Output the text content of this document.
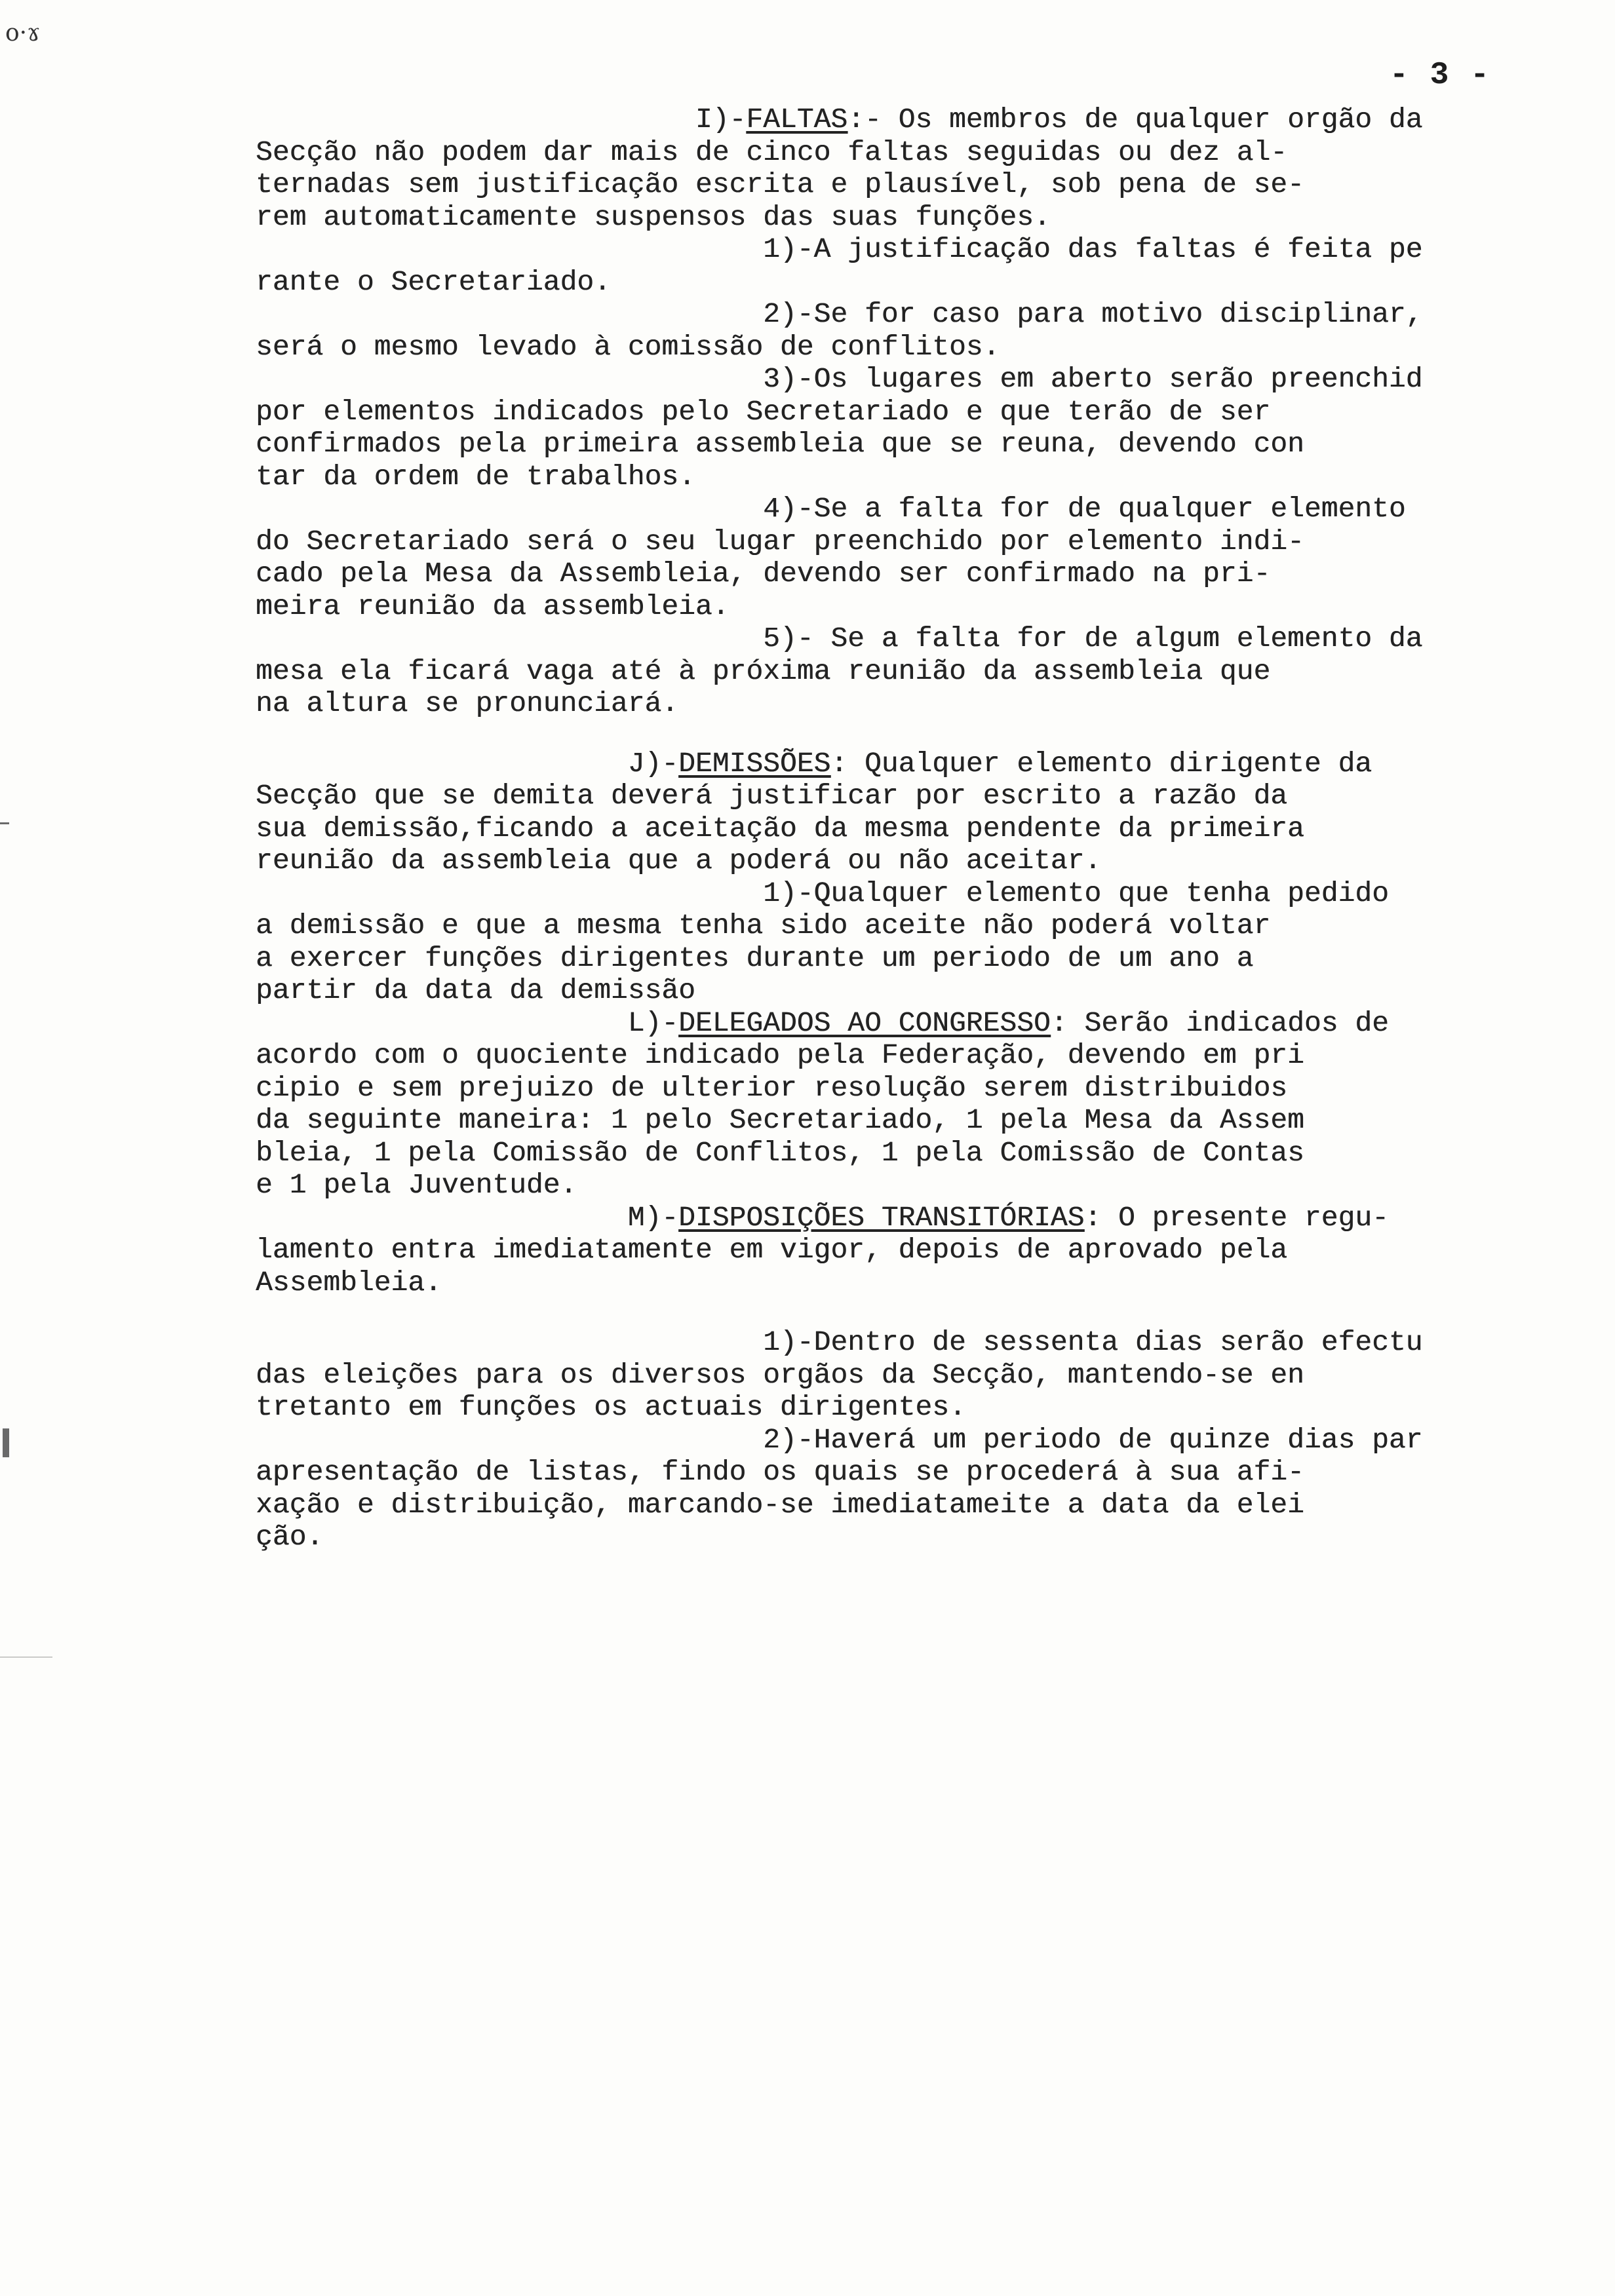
o·ɤ
- 3 -
I)-FALTAS:- Os membros de qualquer orgão da
Secção não podem dar mais de cinco faltas seguidas ou dez al-
ternadas sem justificação escrita e plausível, sob pena de se-
rem automaticamente suspensos das suas funções.
1)-A justificação das faltas é feita pe
rante o Secretariado.
2)-Se for caso para motivo disciplinar,
será o mesmo levado à comissão de conflitos.
3)-Os lugares em aberto serão preenchid
por elementos indicados pelo Secretariado e que terão de ser
confirmados pela primeira assembleia que se reuna, devendo con
tar da ordem de trabalhos.
4)-Se a falta for de qualquer elemento
do Secretariado será o seu lugar preenchido por elemento indi-
cado pela Mesa da Assembleia, devendo ser confirmado na pri-
meira reunião da assembleia.
5)- Se a falta for de algum elemento da
mesa ela ficará vaga até à próxima reunião da assembleia que
na altura se pronunciará.
J)-DEMISSÕES: Qualquer elemento dirigente da
Secção que se demita deverá justificar por escrito a razão da
sua demissão,ficando a aceitação da mesma pendente da primeira
reunião da assembleia que a poderá ou não aceitar.
1)-Qualquer elemento que tenha pedido
a demissão e que a mesma tenha sido aceite não poderá voltar
a exercer funções dirigentes durante um periodo de um ano a
partir da data da demissão
L)-DELEGADOS AO CONGRESSO: Serão indicados de
acordo com o quociente indicado pela Federação, devendo em pri
cipio e sem prejuizo de ulterior resolução serem distribuidos
da seguinte maneira: 1 pelo Secretariado, 1 pela Mesa da Assem
bleia, 1 pela Comissão de Conflitos, 1 pela Comissão de Contas
e 1 pela Juventude.
M)-DISPOSIÇÕES TRANSITÓRIAS: O presente regu-
lamento entra imediatamente em vigor, depois de aprovado pela
Assembleia.
1)-Dentro de sessenta dias serão efectu
das eleições para os diversos orgãos da Secção, mantendo-se en
tretanto em funções os actuais dirigentes.
2)-Haverá um periodo de quinze dias par
apresentação de listas, findo os quais se procederá à sua afi-
xação e distribuição, marcando-se imediatameite a data da elei
ção.
